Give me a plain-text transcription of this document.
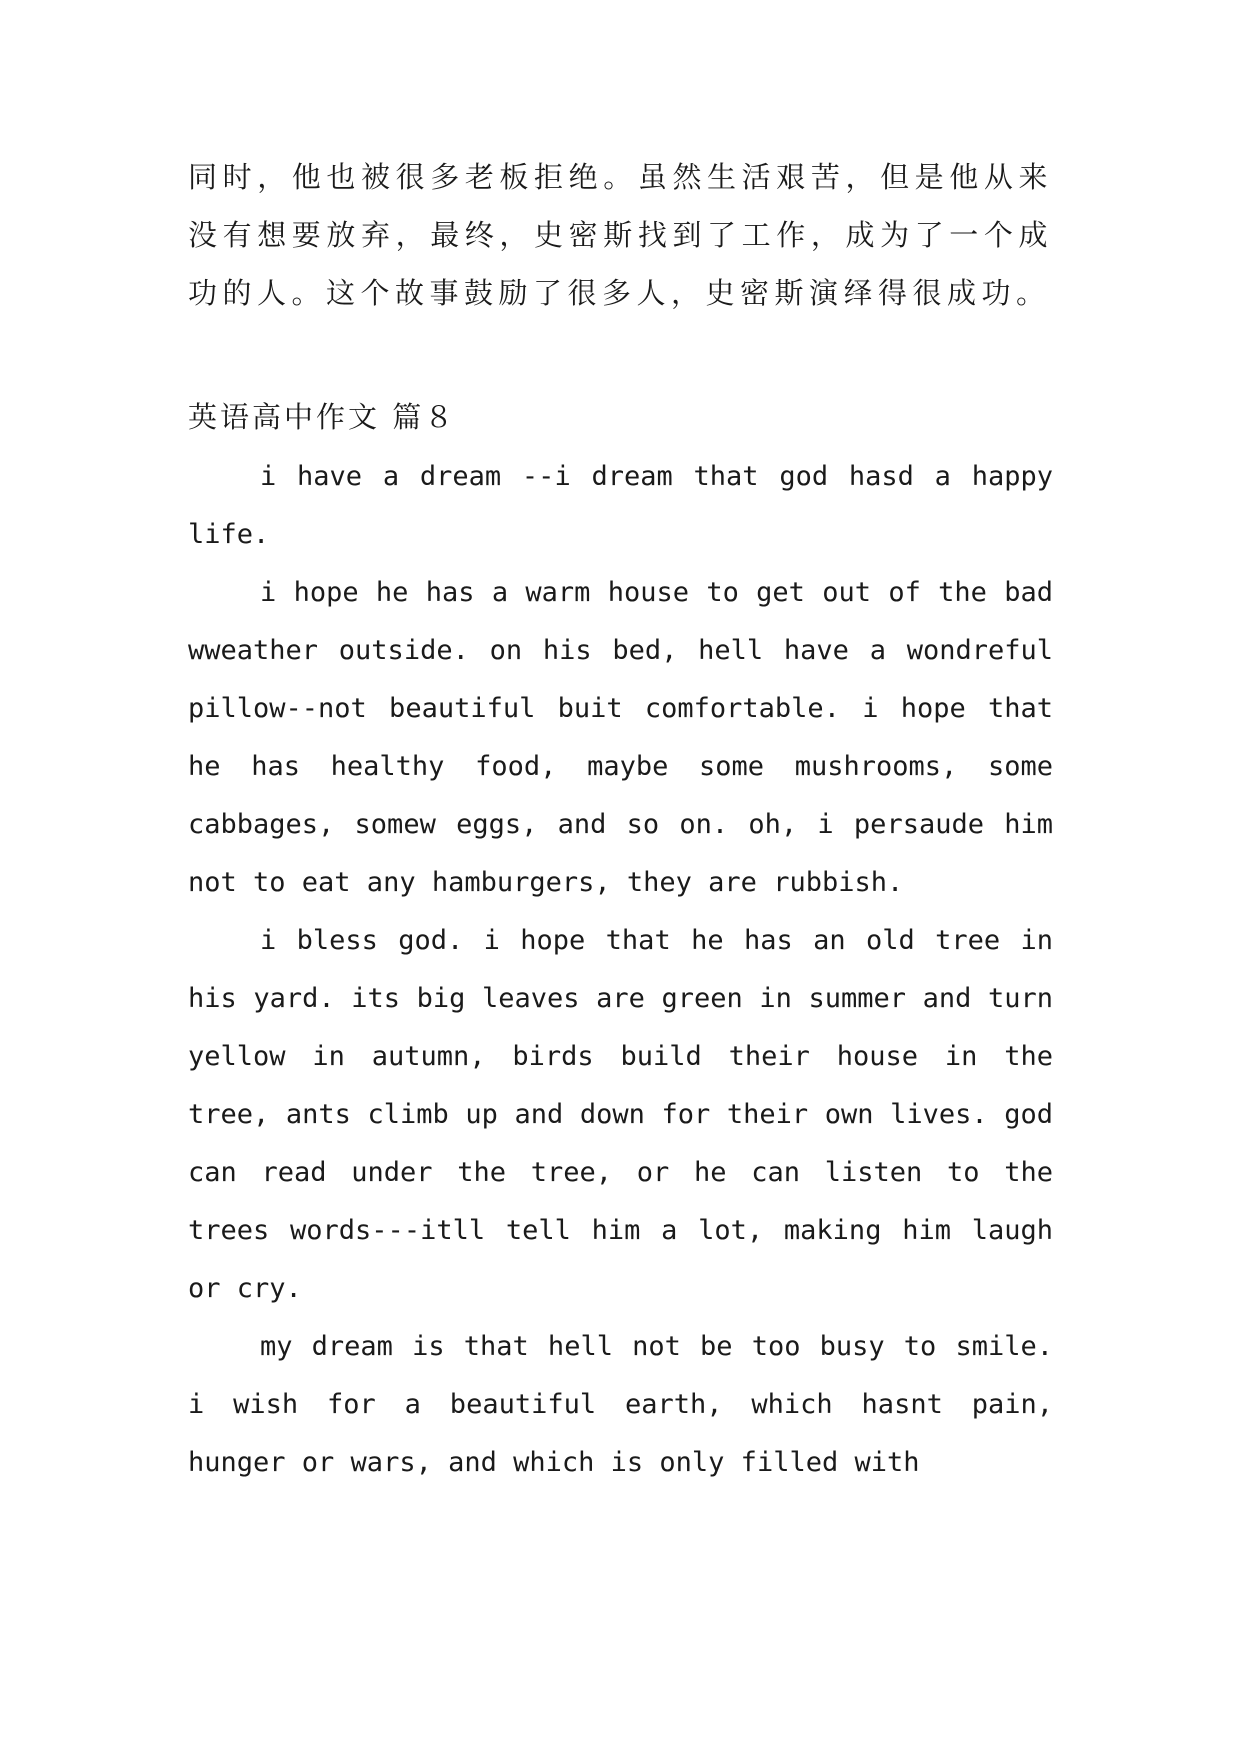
同时，他也被很多老板拒绝。虽然生活艰苦，但是他从来没有想要放弃，最终，史密斯找到了工作，成为了一个成功的人。这个故事鼓励了很多人，史密斯演绎得很成功。

英语高中作文 篇８

i have a dream --i dream that god hasd a happy life.

i hope he has a warm house to get out of the bad wweather outside. on his bed, hell have a wondreful pillow--not beautiful buit comfortable. i hope that he has healthy food, maybe some mushrooms, some cabbages, somew eggs, and so on. oh, i persaude him not to eat any hamburgers, they are rubbish.

i bless god. i hope that he has an old tree in his yard. its big leaves are green in summer and turn yellow in autumn, birds build their house in the tree, ants climb up and down for their own lives. god can read under the tree, or he can listen to the trees words---itll tell him a lot, making him laugh or cry.

my dream is that hell not be too busy to smile. i wish for a beautiful earth, which hasnt pain, hunger or wars, and which is only filled with
